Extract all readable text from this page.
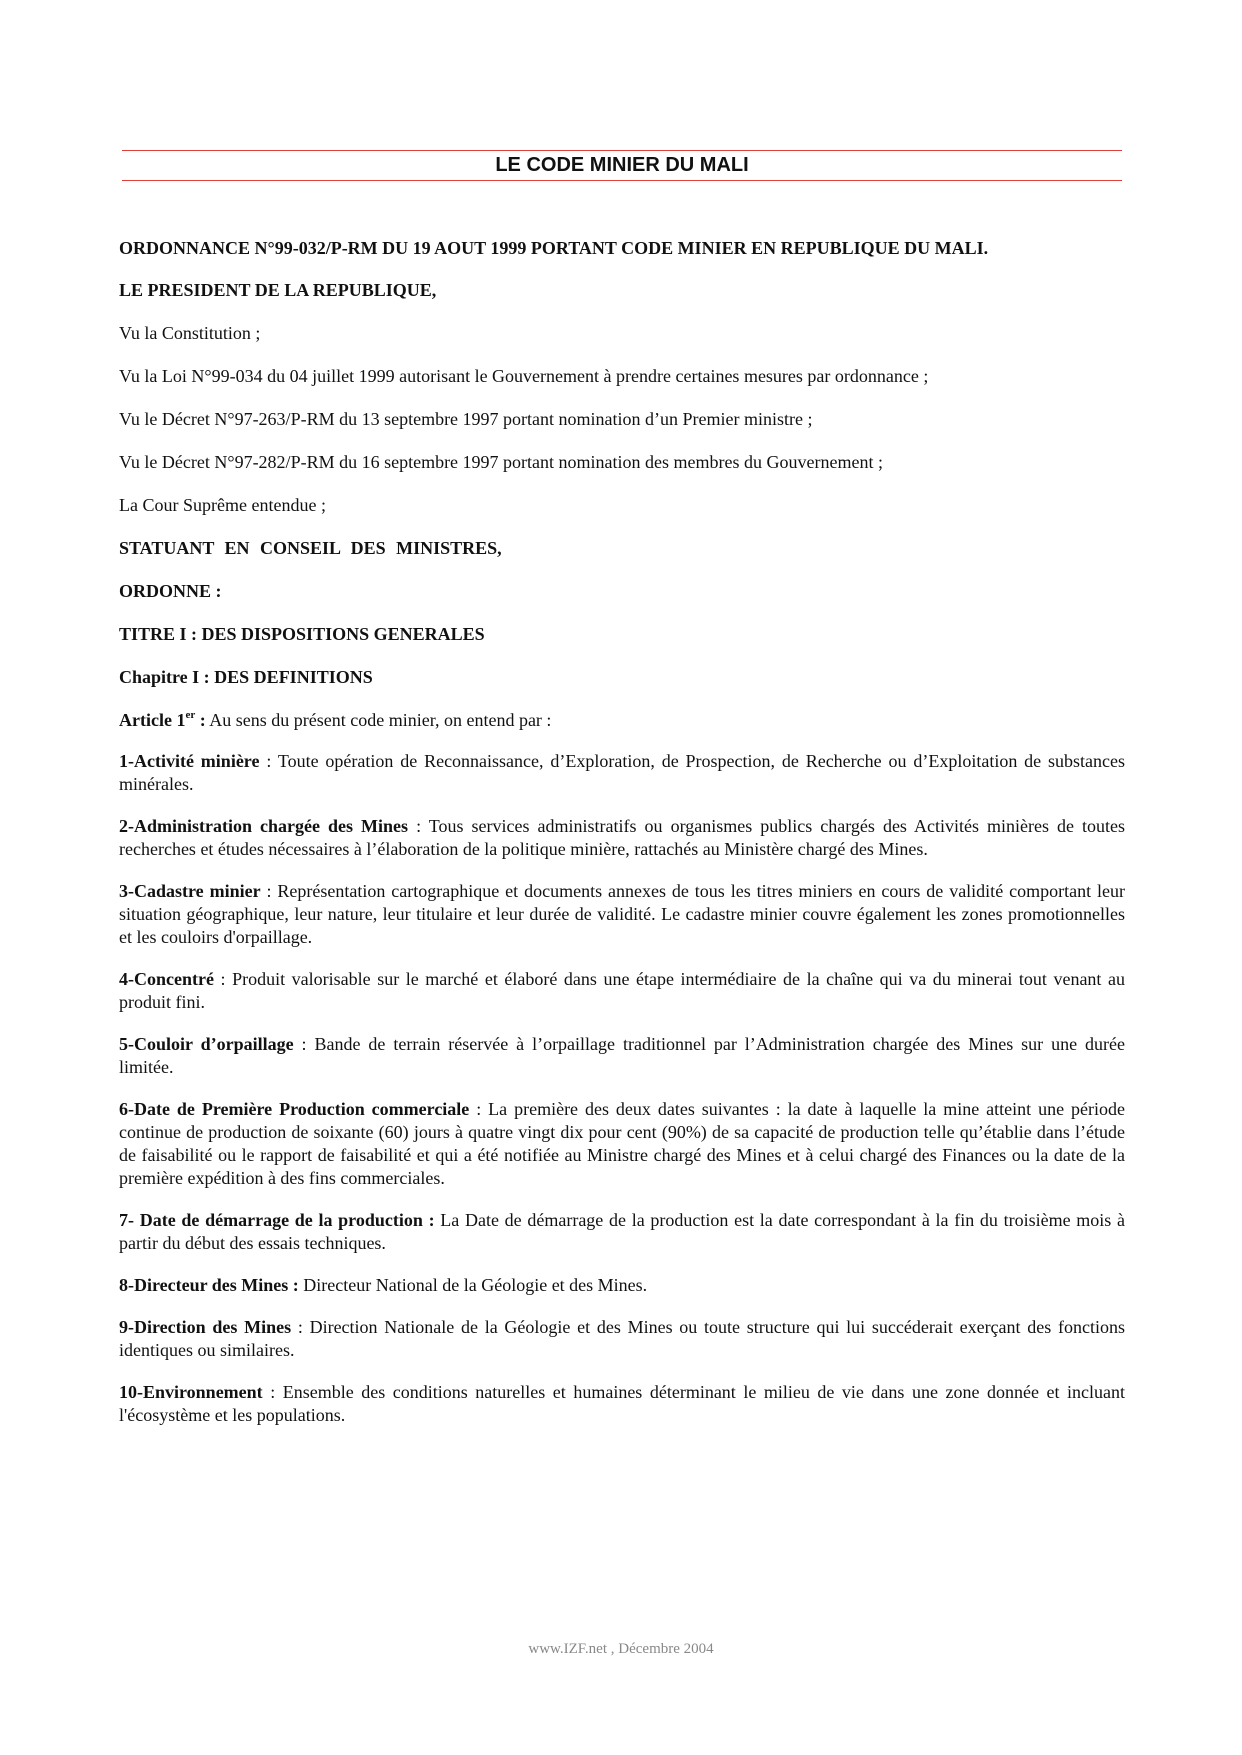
LE CODE MINIER DU MALI

ORDONNANCE N°99-032/P-RM DU 19 AOUT 1999 PORTANT CODE MINIER EN REPUBLIQUE DU MALI.

LE PRESIDENT DE LA REPUBLIQUE,

Vu la Constitution ;

Vu la Loi N°99-034 du 04 juillet 1999 autorisant le Gouvernement à prendre certaines mesures par ordonnance ;

Vu le Décret N°97-263/P-RM du 13 septembre 1997 portant nomination d’un Premier ministre ;

Vu le Décret N°97-282/P-RM du 16 septembre 1997 portant nomination des membres du Gouvernement ;

La Cour Suprême entendue ;

STATUANT EN CONSEIL DES MINISTRES,

ORDONNE :

TITRE I : DES DISPOSITIONS GENERALES

Chapitre I : DES DEFINITIONS

Article 1er : Au sens du présent code minier, on entend par :

1-Activité minière : Toute opération de Reconnaissance, d’Exploration, de Prospection, de Recherche ou d’Exploitation de substances minérales.

2-Administration chargée des Mines : Tous services administratifs ou organismes publics chargés des Activités minières de toutes recherches et études nécessaires à l’élaboration de la politique minière, rattachés au Ministère chargé des Mines.

3-Cadastre minier : Représentation cartographique et documents annexes de tous les titres miniers en cours de validité comportant leur situation géographique, leur nature, leur titulaire et leur durée de validité. Le cadastre minier couvre également les zones promotionnelles et les couloirs d'orpaillage.

4-Concentré : Produit valorisable sur le marché et élaboré dans une étape intermédiaire de la chaîne qui va du minerai tout venant au produit fini.

5-Couloir d’orpaillage : Bande de terrain réservée à l’orpaillage traditionnel par l’Administration chargée des Mines sur une durée limitée.

6-Date de Première Production commerciale : La première des deux dates suivantes : la date à laquelle la mine atteint une période continue de production de soixante (60) jours à quatre vingt dix pour cent (90%) de sa capacité de production telle qu’établie dans l’étude de faisabilité ou le rapport de faisabilité et qui a été notifiée au Ministre chargé des Mines et à celui chargé des Finances ou la date de la première expédition à des fins commerciales.

7- Date de démarrage de la production : La Date de démarrage de la production est la date correspondant à la fin du troisième mois à partir du début des essais techniques.

8-Directeur des Mines : Directeur National de la Géologie et des Mines.

9-Direction des Mines : Direction Nationale de la Géologie et des Mines ou toute structure qui lui succéderait exerçant des fonctions identiques ou similaires.

10-Environnement : Ensemble des conditions naturelles et humaines déterminant le milieu de vie dans une zone donnée et incluant l'écosystème et les populations.

www.IZF.net , Décembre 2004
